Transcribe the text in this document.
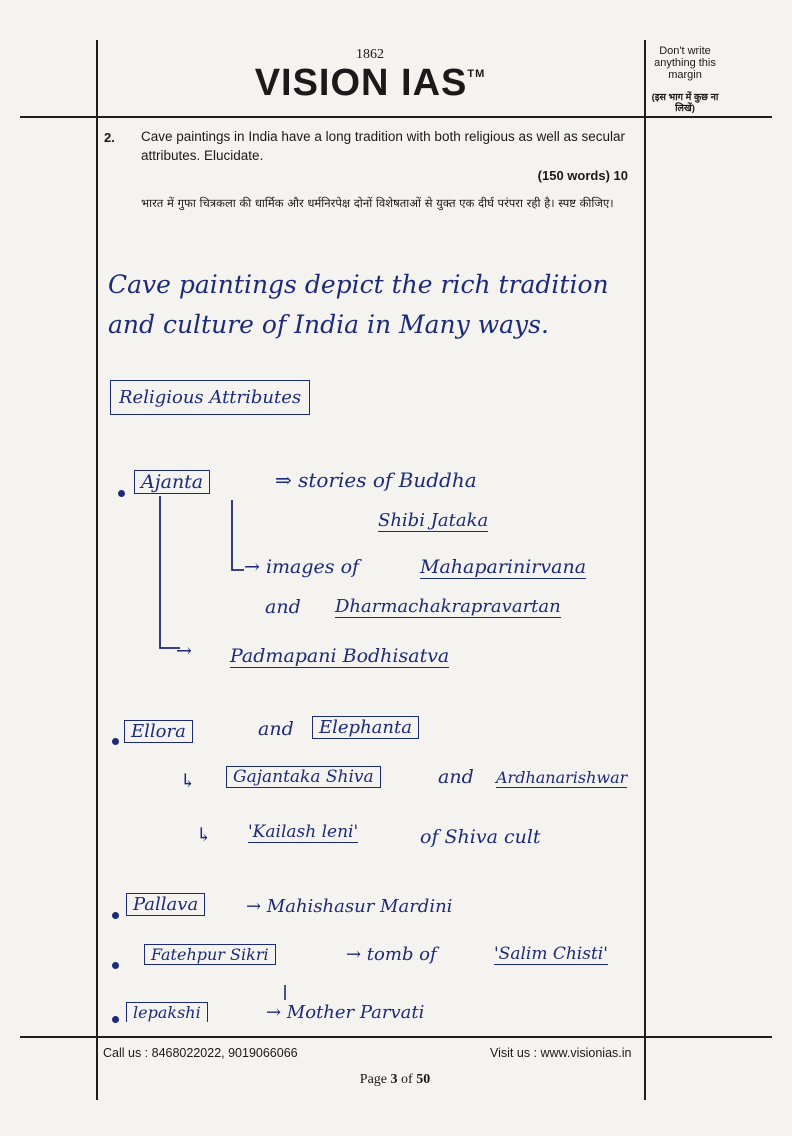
1862
VISION IAS™
Don't write anything this margin
(इस भाग में कुछ ना लिखें)
2. Cave paintings in India have a long tradition with both religious as well as secular attributes. Elucidate.
(150 words) 10
भारत में गुफा चित्रकला की धार्मिक और धर्मनिरपेक्ष दोनों विशेषताओं से युक्त एक दीर्घ परंपरा रही है। स्पष्ट कीजिए।
Cave paintings depict the rich tradition
and culture of India in Many ways.
Religious Attributes
Ajanta	⇒ stories of Buddha
Shibi Jataka
→ images of	Mahaparinirvana
and Dharmachakrapravartan
→ Padmapani Bodhisatva
Ellora	and	Elephanta
↳	Gajantaka Shiva	and Ardhanarishwar
↳ 'Kailash leni'	of Shiva cult
Pallava	→ Mahishasur Mardini
Fatehpur Sikri	→ tomb of	'Salim Chisti'
lepakshi	→ Mother Parvati
Call us : 8468022022, 9019066066	Visit us : www.visionias.in
Page 3 of 50
